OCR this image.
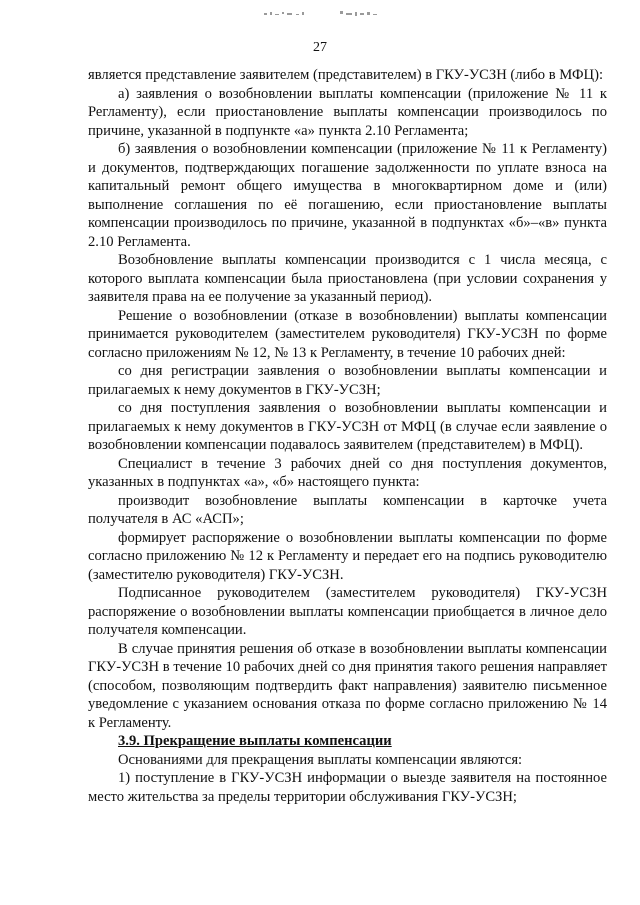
27

является представление заявителем (представителем) в ГКУ-УСЗН (либо в МФЦ):

а) заявления о возобновлении выплаты компенсации (приложение № 11 к Регламенту), если приостановление выплаты компенсации производилось по причине, указанной в подпункте «а» пункта 2.10 Регламента;

б) заявления о возобновлении компенсации (приложение № 11 к Регламенту) и документов, подтверждающих погашение задолженности по уплате взноса на капитальный ремонт общего имущества в многоквартирном доме и (или) выполнение соглашения по её погашению, если приостановление выплаты компенсации производилось по причине, указанной в подпунктах «б»–«в» пункта 2.10 Регламента.

Возобновление выплаты компенсации производится с 1 числа месяца, с которого выплата компенсации была приостановлена (при условии сохранения у заявителя права на ее получение за указанный период).

Решение о возобновлении (отказе в возобновлении) выплаты компенсации принимается руководителем (заместителем руководителя) ГКУ-УСЗН по форме согласно приложениям № 12, № 13 к Регламенту, в течение 10 рабочих дней:

со дня регистрации заявления о возобновлении выплаты компенсации и прилагаемых к нему документов в ГКУ-УСЗН;

со дня поступления заявления о возобновлении выплаты компенсации и прилагаемых к нему документов в ГКУ-УСЗН от МФЦ (в случае если заявление о возобновлении компенсации подавалось заявителем (представителем) в МФЦ).

Специалист в течение 3 рабочих дней со дня поступления документов, указанных в подпунктах «а», «б» настоящего пункта:

производит возобновление выплаты компенсации в карточке учета получателя в АС «АСП»;

формирует распоряжение о возобновлении выплаты компенсации по форме согласно приложению № 12 к Регламенту и передает его на подпись руководителю (заместителю руководителя) ГКУ-УСЗН.

Подписанное руководителем (заместителем руководителя) ГКУ-УСЗН распоряжение о возобновлении выплаты компенсации приобщается в личное дело получателя компенсации.

В случае принятия решения об отказе в возобновлении выплаты компенсации ГКУ-УСЗН в течение 10 рабочих дней со дня принятия такого решения направляет (способом, позволяющим подтвердить факт направления) заявителю письменное уведомление с указанием основания отказа по форме согласно приложению № 14 к Регламенту.

3.9. Прекращение выплаты компенсации

Основаниями для прекращения выплаты компенсации являются:

1) поступление в ГКУ-УСЗН информации о выезде заявителя на постоянное место жительства за пределы территории обслуживания ГКУ-УСЗН;
